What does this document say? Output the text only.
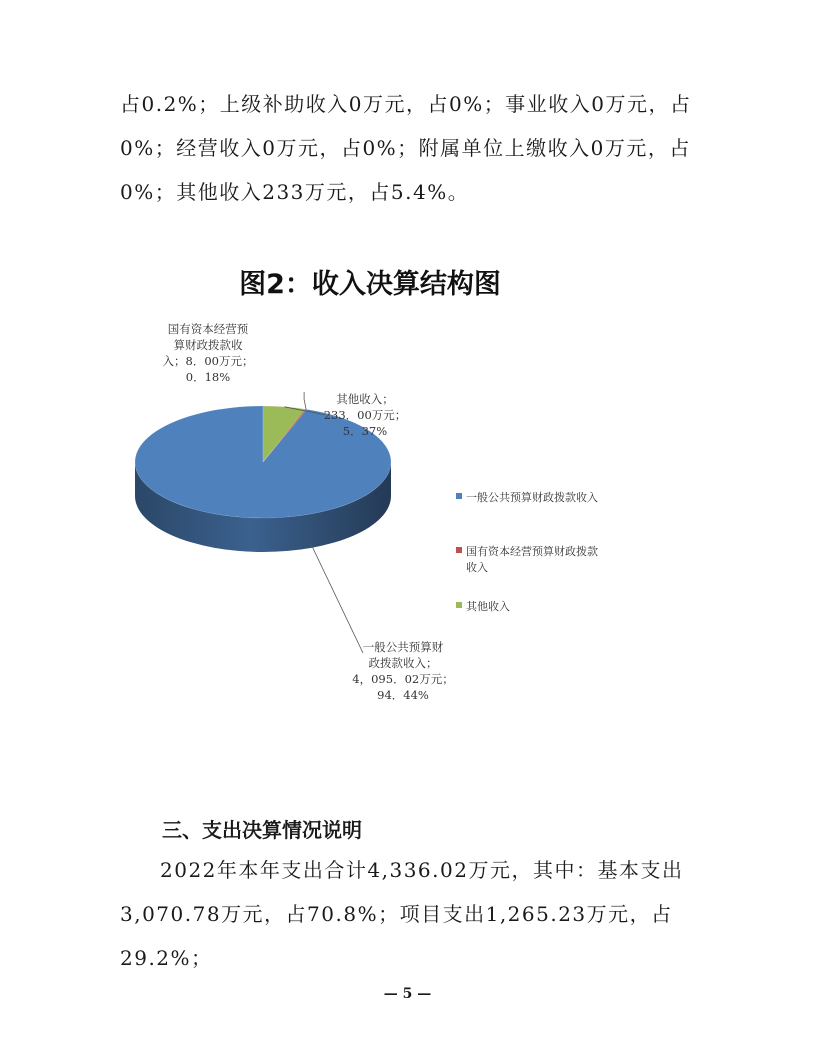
占0.2%；上级补助收入0万元，占0%；事业收入0万元，占0%；经营收入0万元，占0%；附属单位上缴收入0万元，占0%；其他收入233万元，占5.4%。

图2：收入决算结构图
一般公共预算财政拨款收入； 4，095．02万元； 94．44%
国有资本经营预算财政拨款收入；8．00万元； 0．18%
其他收入； 233．00万元； 5．37%
一般公共预算财政拨款收入
国有资本经营预算财政拨款收入
其他收入
三、支出决算情况说明

2022年本年支出合计4,336.02万元，其中：基本支出3,070.78万元，占70.8%；项目支出1,265.23万元，占29.2%；

— 5 —
